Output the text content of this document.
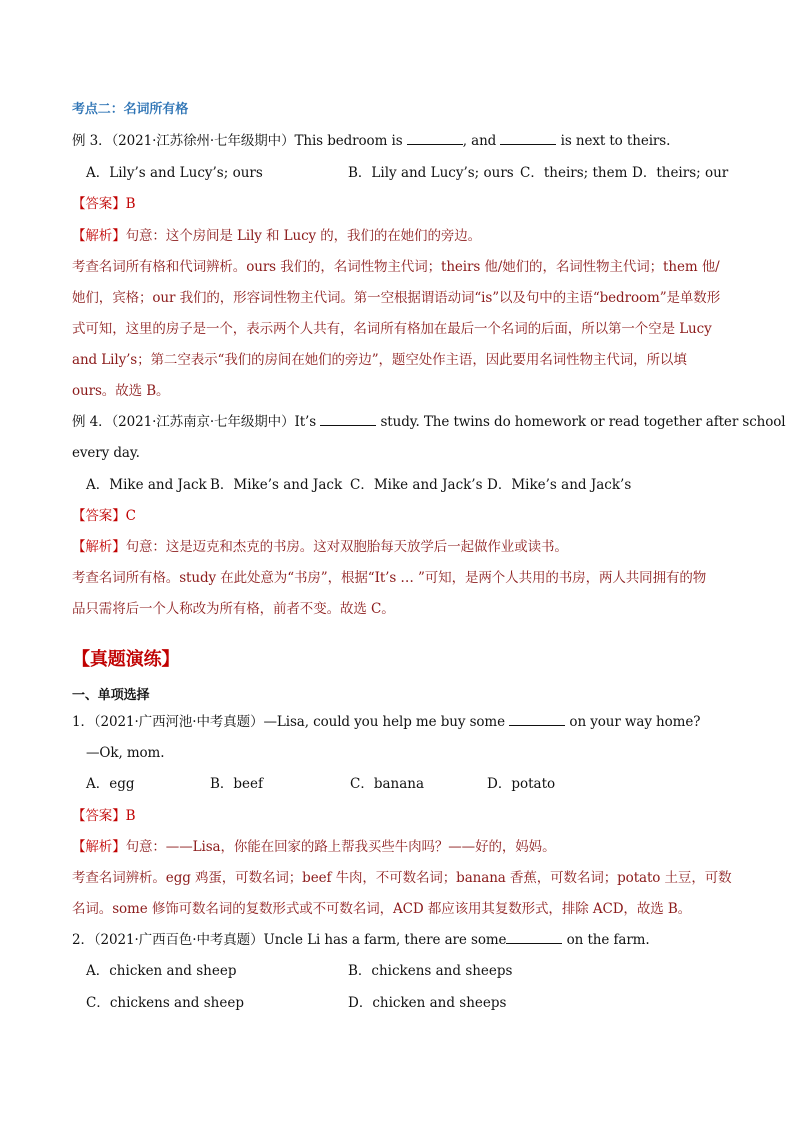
考点二：名词所有格
例 3．（2021·江苏徐州·七年级期中）This bedroom is	, and	is next to theirs.
A．Lily’s and Lucy’s; ours	B．Lily and Lucy’s; ours C．theirs; them D．theirs; our
【答案】B
【解析】句意：这个房间是 Lily 和 Lucy 的，我们的在她们的旁边。
考查名词所有格和代词辨析。ours 我们的，名词性物主代词；theirs 他/她们的，名词性物主代词；them 他/
她们，宾格；our 我们的，形容词性物主代词。第一空根据谓语动词“is”以及句中的主语“bedroom”是单数形
式可知，这里的房子是一个，表示两个人共有，名词所有格加在最后一个名词的后面，所以第一个空是 Lucy
and Lily’s；第二空表示“我们的房间在她们的旁边”，题空处作主语，因此要用名词性物主代词，所以填
ours。故选 B。
例 4．（2021·江苏南京·七年级期中）It’s	study. The twins do homework or read together after school
every day.
A．Mike and Jack B．Mike’s and Jack C．Mike and Jack’s D．Mike’s and Jack’s
【答案】C
【解析】句意：这是迈克和杰克的书房。这对双胞胎每天放学后一起做作业或读书。
考查名词所有格。study 在此处意为“书房”，根据“It’s … ”可知，是两个人共用的书房，两人共同拥有的物
品只需将后一个人称改为所有格，前者不变。故选 C。
【真题演练】
一、单项选择
1．（2021·广西河池·中考真题）—Lisa, could you help me buy some	on your way home?
—Ok, mom.
A．egg	B．beef	C．banana	D．potato
【答案】B
【解析】句意：——Lisa，你能在回家的路上帮我买些牛肉吗？——好的，妈妈。
考查名词辨析。egg 鸡蛋，可数名词；beef 牛肉，不可数名词；banana 香蕉，可数名词；potato 土豆，可数
名词。some 修饰可数名词的复数形式或不可数名词，ACD 都应该用其复数形式，排除 ACD，故选 B。
2．（2021·广西百色·中考真题）Uncle Li has a farm, there are some	on the farm.
A．chicken and sheep	B．chickens and sheeps
C．chickens and sheep	D．chicken and sheeps
